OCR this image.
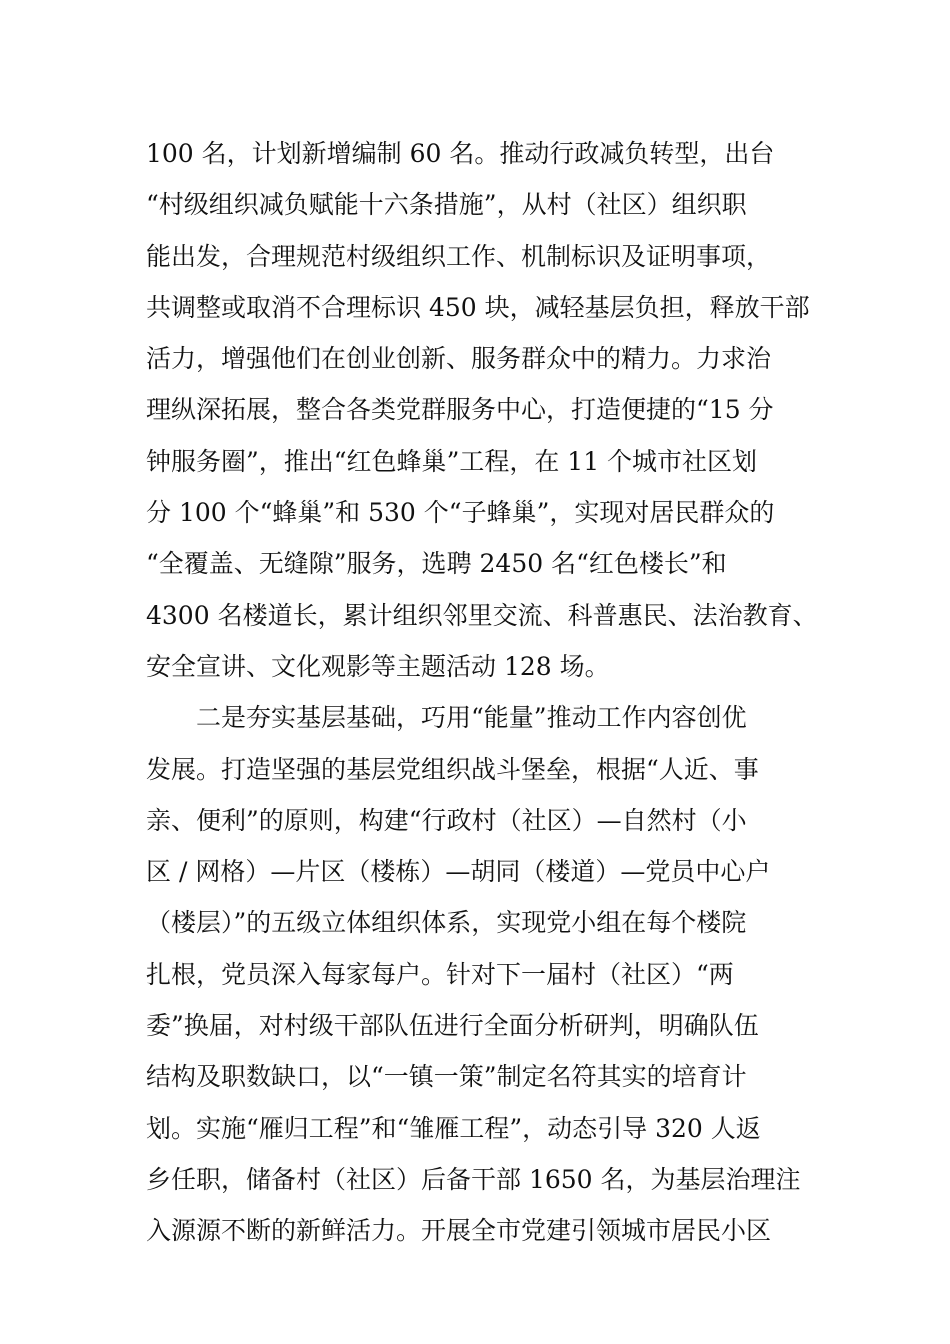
100 名，计划新增编制 60 名。推动行政减负转型，出台
“村级组织减负赋能十六条措施”，从村（社区）组织职
能出发，合理规范村级组织工作、机制标识及证明事项，
共调整或取消不合理标识 450 块，减轻基层负担，释放干部
活力，增强他们在创业创新、服务群众中的精力。力求治
理纵深拓展，整合各类党群服务中心，打造便捷的“15 分
钟服务圈”，推出“红色蜂巢”工程，在 11 个城市社区划
分 100 个“蜂巢”和 530 个“子蜂巢”，实现对居民群众的
“全覆盖、无缝隙”服务，选聘 2450 名“红色楼长”和
4300 名楼道长，累计组织邻里交流、科普惠民、法治教育、
安全宣讲、文化观影等主题活动 128 场。
二是夯实基层基础，巧用“能量”推动工作内容创优
发展。打造坚强的基层党组织战斗堡垒，根据“人近、事
亲、便利”的原则，构建“行政村（社区）—自然村（小
区 / 网格）—片区（楼栋）—胡同（楼道）—党员中心户
（楼层）”的五级立体组织体系，实现党小组在每个楼院
扎根，党员深入每家每户。针对下一届村（社区）“两
委”换届，对村级干部队伍进行全面分析研判，明确队伍
结构及职数缺口，以“一镇一策”制定名符其实的培育计
划。实施“雁归工程”和“雏雁工程”，动态引导 320 人返
乡任职，储备村（社区）后备干部 1650 名，为基层治理注
入源源不断的新鲜活力。开展全市党建引领城市居民小区
